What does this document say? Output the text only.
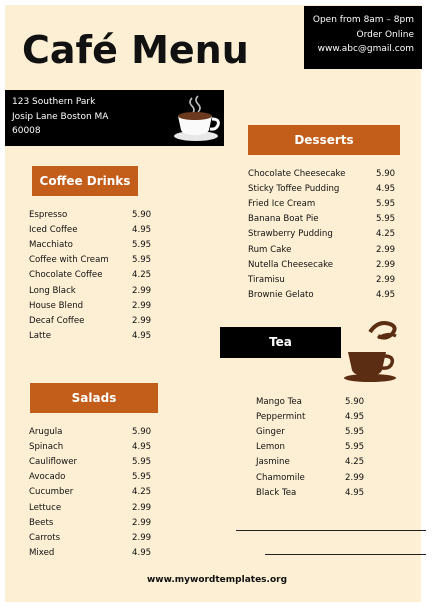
Café Menu
Open from 8am – 8pm
Order Online
www.abc@gmail.com
123 Southern Park
Josip Lane Boston MA
60008
Coffee Drinks
Espresso	5.90
Iced Coffee	4.95
Macchiato	5.95
Coffee with Cream	5.95
Chocolate Coffee	4.25
Long Black	2.99
House Blend	2.99
Decaf Coffee	2.99
Latte	4.95
Salads
Arugula	5.90
Spinach	4.95
Cauliflower	5.95
Avocado	5.95
Cucumber	4.25
Lettuce	2.99
Beets	2.99
Carrots	2.99
Mixed	4.95
Desserts
Chocolate Cheesecake	5.90
Sticky Toffee Pudding	4.95
Fried Ice Cream	5.95
Banana Boat Pie	5.95
Strawberry Pudding	4.25
Rum Cake	2.99
Nutella Cheesecake	2.99
Tiramisu	2.99
Brownie Gelato	4.95
Tea
Mango Tea	5.90
Peppermint	4.95
Ginger	5.95
Lemon	5.95
Jasmine	4.25
Chamomile	2.99
Black Tea	4.95
www.mywordtemplates.org
